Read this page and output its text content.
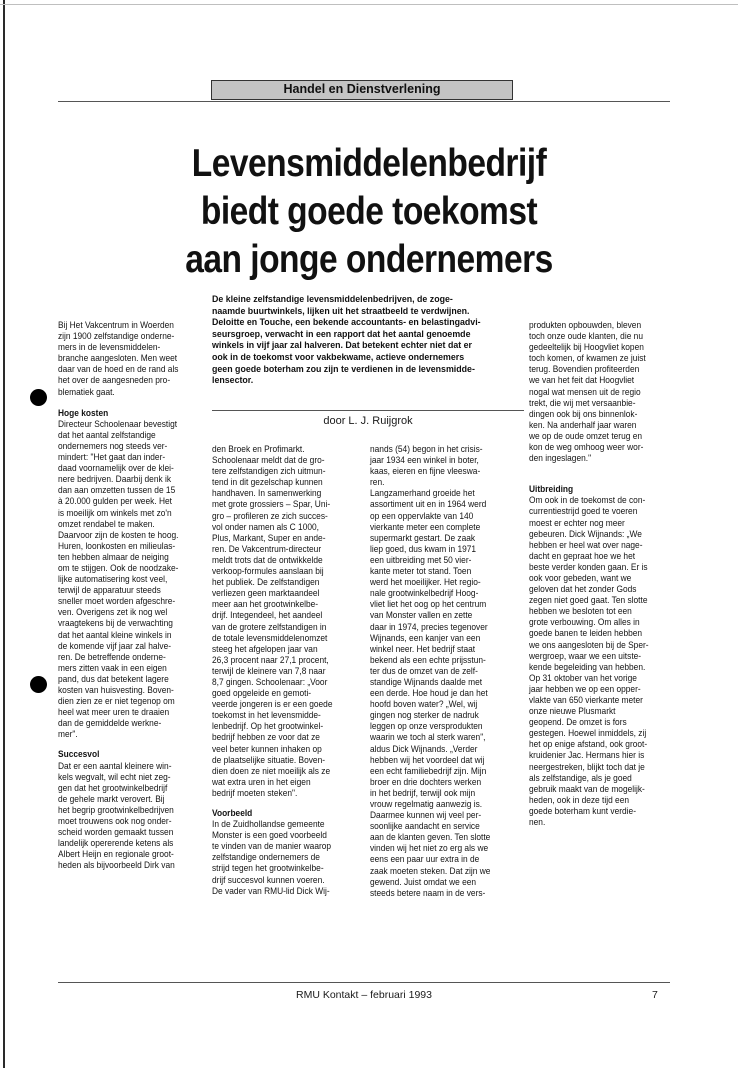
Handel en Dienstverlening
Levensmiddelenbedrijf
biedt goede toekomst
aan jonge ondernemers
De kleine zelfstandige levensmiddelenbedrijven, de zoge-
naamde buurtwinkels, lijken uit het straatbeeld te verdwijnen.
Deloitte en Touche, een bekende accountants- en belastingadvi-
seursgroep, verwacht in een rapport dat het aantal genoemde
winkels in vijf jaar zal halveren. Dat betekent echter niet dat er
ook in de toekomst voor vakbekwame, actieve ondernemers
geen goede boterham zou zijn te verdienen in de levensmidde-
lensector.
door L. J. Ruijgrok
Bij Het Vakcentrum in Woerden
zijn 1900 zelfstandige onderne-
mers in de levensmiddelen-
branche aangesloten. Men weet
daar van de hoed en de rand als
het over de aangesneden pro-
blematiek gaat.
Hoge kosten
Directeur Schoolenaar bevestigt
dat het aantal zelfstandige
ondernemers nog steeds ver-
mindert: "Het gaat dan inder-
daad voornamelijk over de klei-
nere bedrijven. Daarbij denk ik
dan aan omzetten tussen de 15
à 20.000 gulden per week. Het
is moeilijk om winkels met zo'n
omzet rendabel te maken.
Daarvoor zijn de kosten te hoog.
Huren, loonkosten en milieulas-
ten hebben almaar de neiging
om te stijgen. Ook de noodzake-
lijke automatisering kost veel,
terwijl de apparatuur steeds
sneller moet worden afgeschre-
ven. Overigens zet ik nog wel
vraagtekens bij de verwachting
dat het aantal kleine winkels in
de komende vijf jaar zal halve-
ren. De betreffende onderne-
mers zitten vaak in een eigen
pand, dus dat betekent lagere
kosten van huisvesting. Boven-
dien zien ze er niet tegenop om
heel wat meer uren te draaien
dan de gemiddelde werkne-
mer".
Succesvol
Dat er een aantal kleinere win-
kels wegvalt, wil echt niet zeg-
gen dat het grootwinkelbedrijf
de gehele markt verovert. Bij
het begrip grootwinkelbedrijven
moet trouwens ook nog onder-
scheid worden gemaakt tussen
landelijk opererende ketens als
Albert Heijn en regionale groot-
heden als bijvoorbeeld Dirk van
den Broek en Profimarkt.
Schoolenaar meldt dat de gro-
tere zelfstandigen zich uitmun-
tend in dit gezelschap kunnen
handhaven. In samenwerking
met grote grossiers – Spar, Uni-
gro – profileren ze zich succes-
vol onder namen als C 1000,
Plus, Markant, Super en ande-
ren. De Vakcentrum-directeur
meldt trots dat de ontwikkelde
verkoop-formules aanslaan bij
het publiek. De zelfstandigen
verliezen geen marktaandeel
meer aan het grootwinkelbe-
drijf. Integendeel, het aandeel
van de grotere zelfstandigen in
de totale levensmiddelenomzet
steeg het afgelopen jaar van
26,3 procent naar 27,1 procent,
terwijl de kleinere van 7,8 naar
8,7 gingen. Schoolenaar: „Voor
goed opgeleide en gemoti-
veerde jongeren is er een goede
toekomst in het levensmidde-
lenbedrijf. Op het grootwinkel-
bedrijf hebben ze voor dat ze
veel beter kunnen inhaken op
de plaatselijke situatie. Boven-
dien doen ze niet moeilijk als ze
wat extra uren in het eigen
bedrijf moeten steken".
Voorbeeld
In de Zuidhollandse gemeente
Monster is een goed voorbeeld
te vinden van de manier waarop
zelfstandige ondernemers de
strijd tegen het grootwinkelbe-
drijf succesvol kunnen voeren.
De vader van RMU-lid Dick Wij-
nands (54) begon in het crisis-
jaar 1934 een winkel in boter,
kaas, eieren en fijne vleeswa-
ren.
Langzamerhand groeide het
assortiment uit en in 1964 werd
op een oppervlakte van 140
vierkante meter een complete
supermarkt gestart. De zaak
liep goed, dus kwam in 1971
een uitbreiding met 50 vier-
kante meter tot stand. Toen
werd het moeilijker. Het regio-
nale grootwinkelbedrijf Hoog-
vliet liet het oog op het centrum
van Monster vallen en zette
daar in 1974, precies tegenover
Wijnands, een kanjer van een
winkel neer. Het bedrijf staat
bekend als een echte prijsstun-
ter dus de omzet van de zelf-
standige Wijnands daalde met
een derde. Hoe houd je dan het
hoofd boven water? „Wel, wij
gingen nog sterker de nadruk
leggen op onze versprodukten
waarin we toch al sterk waren",
aldus Dick Wijnands. „Verder
hebben wij het voordeel dat wij
een echt familiebedrijf zijn. Mijn
broer en drie dochters werken
in het bedrijf, terwijl ook mijn
vrouw regelmatig aanwezig is.
Daarmee kunnen wij veel per-
soonlijke aandacht en service
aan de klanten geven. Ten slotte
vinden wij het niet zo erg als we
eens een paar uur extra in de
zaak moeten steken. Dat zijn we
gewend. Juist omdat we een
steeds betere naam in de vers-
produkten opbouwden, bleven
toch onze oude klanten, die nu
gedeeltelijk bij Hoogvliet kopen
toch komen, of kwamen ze juist
terug. Bovendien profiteerden
we van het feit dat Hoogvliet
nogal wat mensen uit de regio
trekt, die wij met versaanbie-
dingen ook bij ons binnenlok-
ken. Na anderhalf jaar waren
we op de oude omzet terug en
kon de weg omhoog weer wor-
den ingeslagen."
Uitbreiding
Om ook in de toekomst de con-
currentiestrijd goed te voeren
moest er echter nog meer
gebeuren. Dick Wijnands: „We
hebben er heel wat over nage-
dacht en gepraat hoe we het
beste verder konden gaan. Er is
ook voor gebeden, want we
geloven dat het zonder Gods
zegen niet goed gaat. Ten slotte
hebben we besloten tot een
grote verbouwing. Om alles in
goede banen te leiden hebben
we ons aangesloten bij de Sper-
wergroep, waar we een uitste-
kende begeleiding van hebben.
Op 31 oktober van het vorige
jaar hebben we op een opper-
vlakte van 650 vierkante meter
onze nieuwe Plusmarkt
geopend. De omzet is fors
gestegen. Hoewel inmiddels, zij
het op enige afstand, ook groot-
kruidenier Jac. Hermans hier is
neergestreken, blijkt toch dat je
als zelfstandige, als je goed
gebruik maakt van de mogelijk-
heden, ook in deze tijd een
goede boterham kunt verdie-
nen.
RMU Kontakt – februari 1993	7
